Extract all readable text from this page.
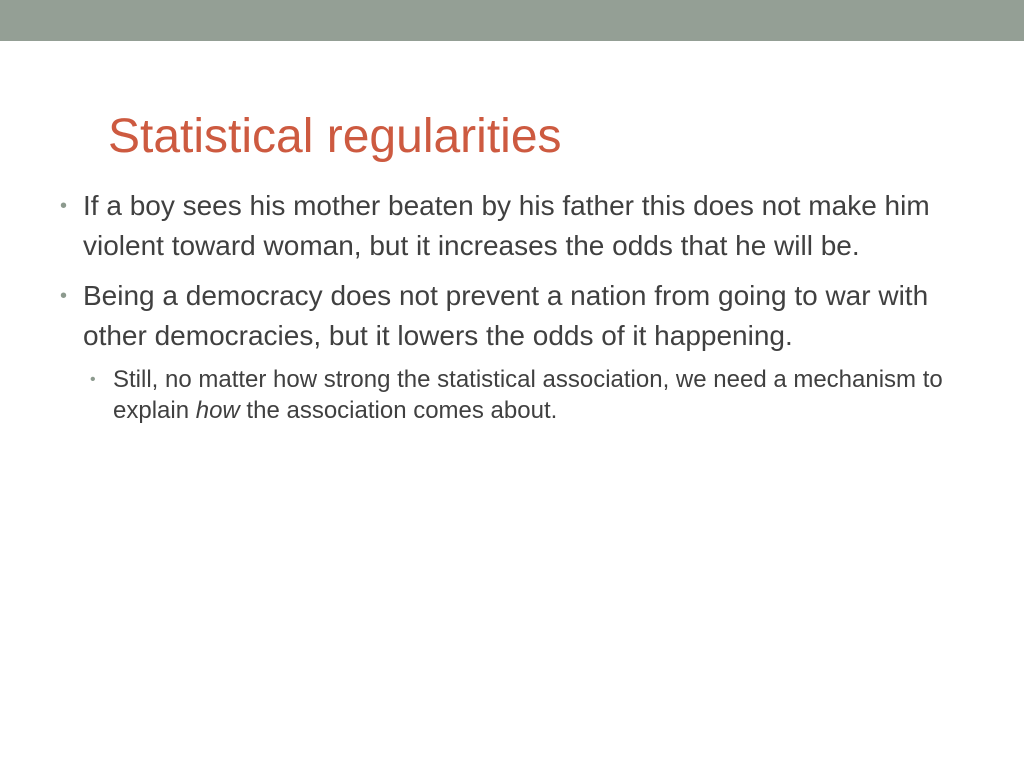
Statistical regularities
• If a boy sees his mother beaten by his father this does not make him violent toward woman, but it increases the odds that he will be.
• Being a democracy does not prevent a nation from going to war with other democracies, but it lowers the odds of it happening.
• Still, no matter how strong the statistical association, we need a mechanism to explain how the association comes about.
